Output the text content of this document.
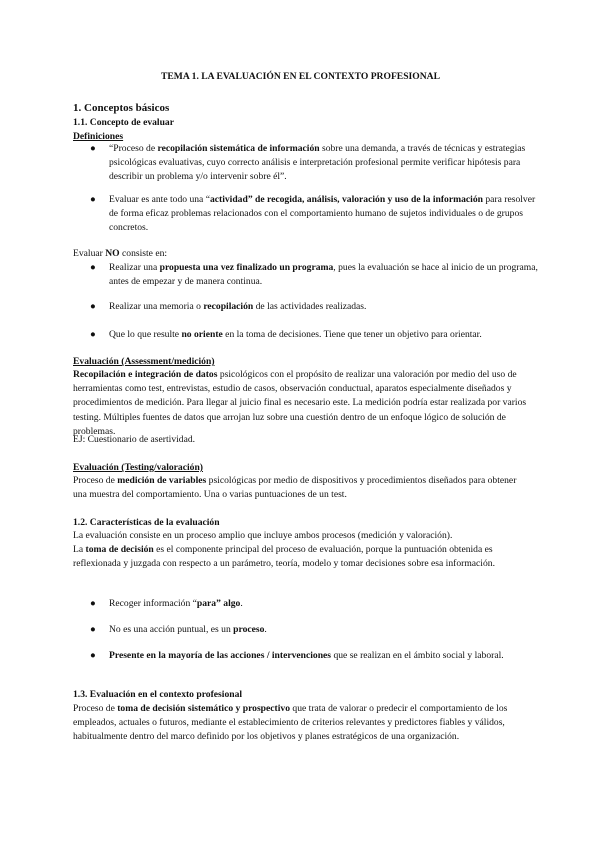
TEMA 1. LA EVALUACIÓN EN EL CONTEXTO PROFESIONAL

1. Conceptos básicos

1.1. Concepto de evaluar

Definiciones

● “Proceso de recopilación sistemática de información sobre una demanda, a través de técnicas y estrategias psicológicas evaluativas, cuyo correcto análisis e interpretación profesional permite verificar hipótesis para describir un problema y/o intervenir sobre él”.

● Evaluar es ante todo una “actividad” de recogida, análisis, valoración y uso de la información para resolver de forma eficaz problemas relacionados con el comportamiento humano de sujetos individuales o de grupos concretos.

Evaluar NO consiste en:

● Realizar una propuesta una vez finalizado un programa, pues la evaluación se hace al inicio de un programa, antes de empezar y de manera continua.

● Realizar una memoria o recopilación de las actividades realizadas.

● Que lo que resulte no oriente en la toma de decisiones. Tiene que tener un objetivo para orientar.

Evaluación (Assessment/medición)

Recopilación e integración de datos psicológicos con el propósito de realizar una valoración por medio del uso de herramientas como test, entrevistas, estudio de casos, observación conductual, aparatos especialmente diseñados y procedimientos de medición. Para llegar al juicio final es necesario este. La medición podría estar realizada por varios testing. Múltiples fuentes de datos que arrojan luz sobre una cuestión dentro de un enfoque lógico de solución de problemas.

EJ: Cuestionario de asertividad.

Evaluación (Testing/valoración)

Proceso de medición de variables psicológicas por medio de dispositivos y procedimientos diseñados para obtener una muestra del comportamiento. Una o varias puntuaciones de un test.

1.2. Características de la evaluación

La evaluación consiste en un proceso amplio que incluye ambos procesos (medición y valoración).

La toma de decisión es el componente principal del proceso de evaluación, porque la puntuación obtenida es reflexionada y juzgada con respecto a un parámetro, teoría, modelo y tomar decisiones sobre esa información.

● Recoger información “para” algo.

● No es una acción puntual, es un proceso.

● Presente en la mayoría de las acciones / intervenciones que se realizan en el ámbito social y laboral.

1.3. Evaluación en el contexto profesional

Proceso de toma de decisión sistemático y prospectivo que trata de valorar o predecir el comportamiento de los empleados, actuales o futuros, mediante el establecimiento de criterios relevantes y predictores fiables y válidos, habitualmente dentro del marco definido por los objetivos y planes estratégicos de una organización.
